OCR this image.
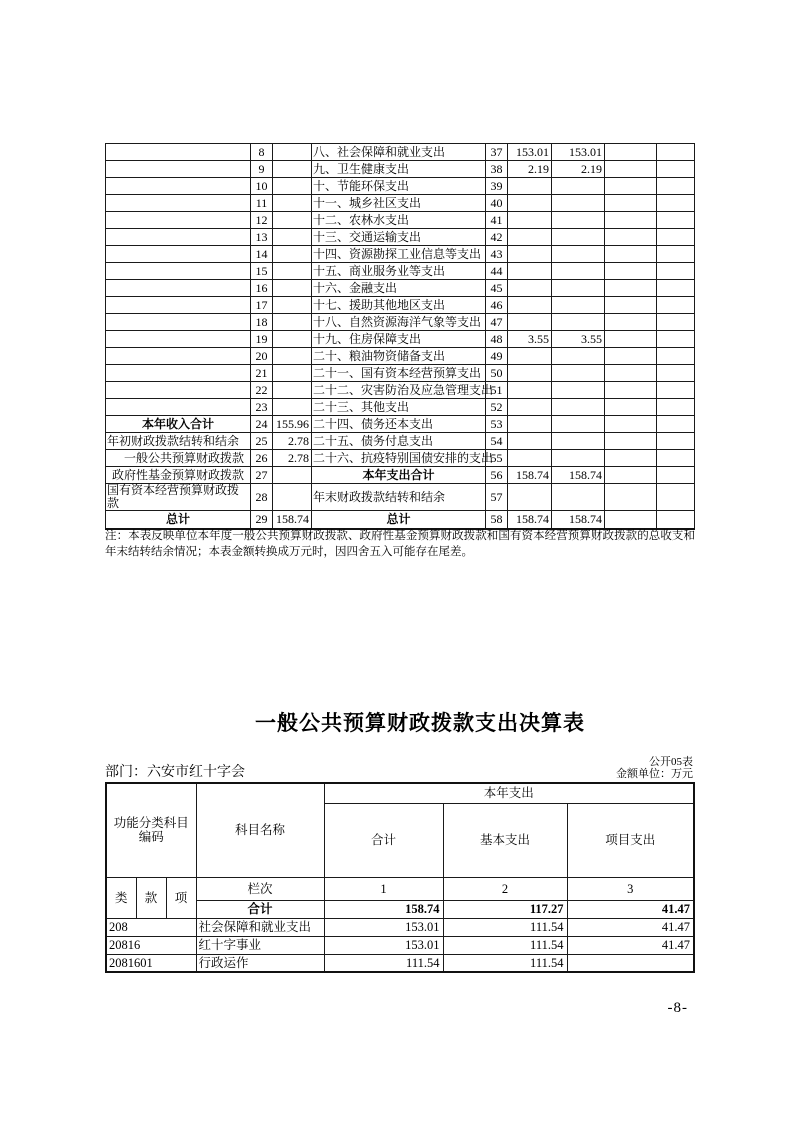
	8		八、社会保障和就业支出	37	153.01	153.01		
	9		九、卫生健康支出	38	2.19	2.19		
	10		十、节能环保支出	39				
	11		十一、城乡社区支出	40				
	12		十二、农林水支出	41				
	13		十三、交通运输支出	42				
	14		十四、资源勘探工业信息等支出	43				
	15		十五、商业服务业等支出	44				
	16		十六、金融支出	45				
	17		十七、援助其他地区支出	46				
	18		十八、自然资源海洋气象等支出	47				
	19		十九、住房保障支出	48	3.55	3.55		
	20		二十、粮油物资储备支出	49				
	21		二十一、国有资本经营预算支出	50				
	22		二十二、灾害防治及应急管理支出	51				
	23		二十三、其他支出	52				
本年收入合计	24	155.96	二十四、债务还本支出	53				
年初财政拨款结转和结余	25	2.78	二十五、债务付息支出	54				
　一般公共预算财政拨款	26	2.78	二十六、抗疫特别国债安排的支出	55				
政府性基金预算财政拨款	27		本年支出合计	56	158.74	158.74		
国有资本经营预算财政拨款	28		年末财政拨款结转和结余	57				
总计	29	158.74	总计	58	158.74	158.74		
注：本表反映单位本年度一般公共预算财政拨款、政府性基金预算财政拨款和国有资本经营预算财政拨款的总收支和年末结转结余情况；本表金额转换成万元时，因四舍五入可能存在尾差。
一般公共预算财政拨款支出决算表
公开05表
部门：六安市红十字会	金额单位：万元
功能分类科目编码			科目名称	本年支出		
				合计	基本支出	项目支出
类	款	项	栏次	1	2	3
			合计	158.74	117.27	41.47
208			社会保障和就业支出	153.01	111.54	41.47
20816			红十字事业	153.01	111.54	41.47
2081601			行政运作	111.54	111.54	
-8-
